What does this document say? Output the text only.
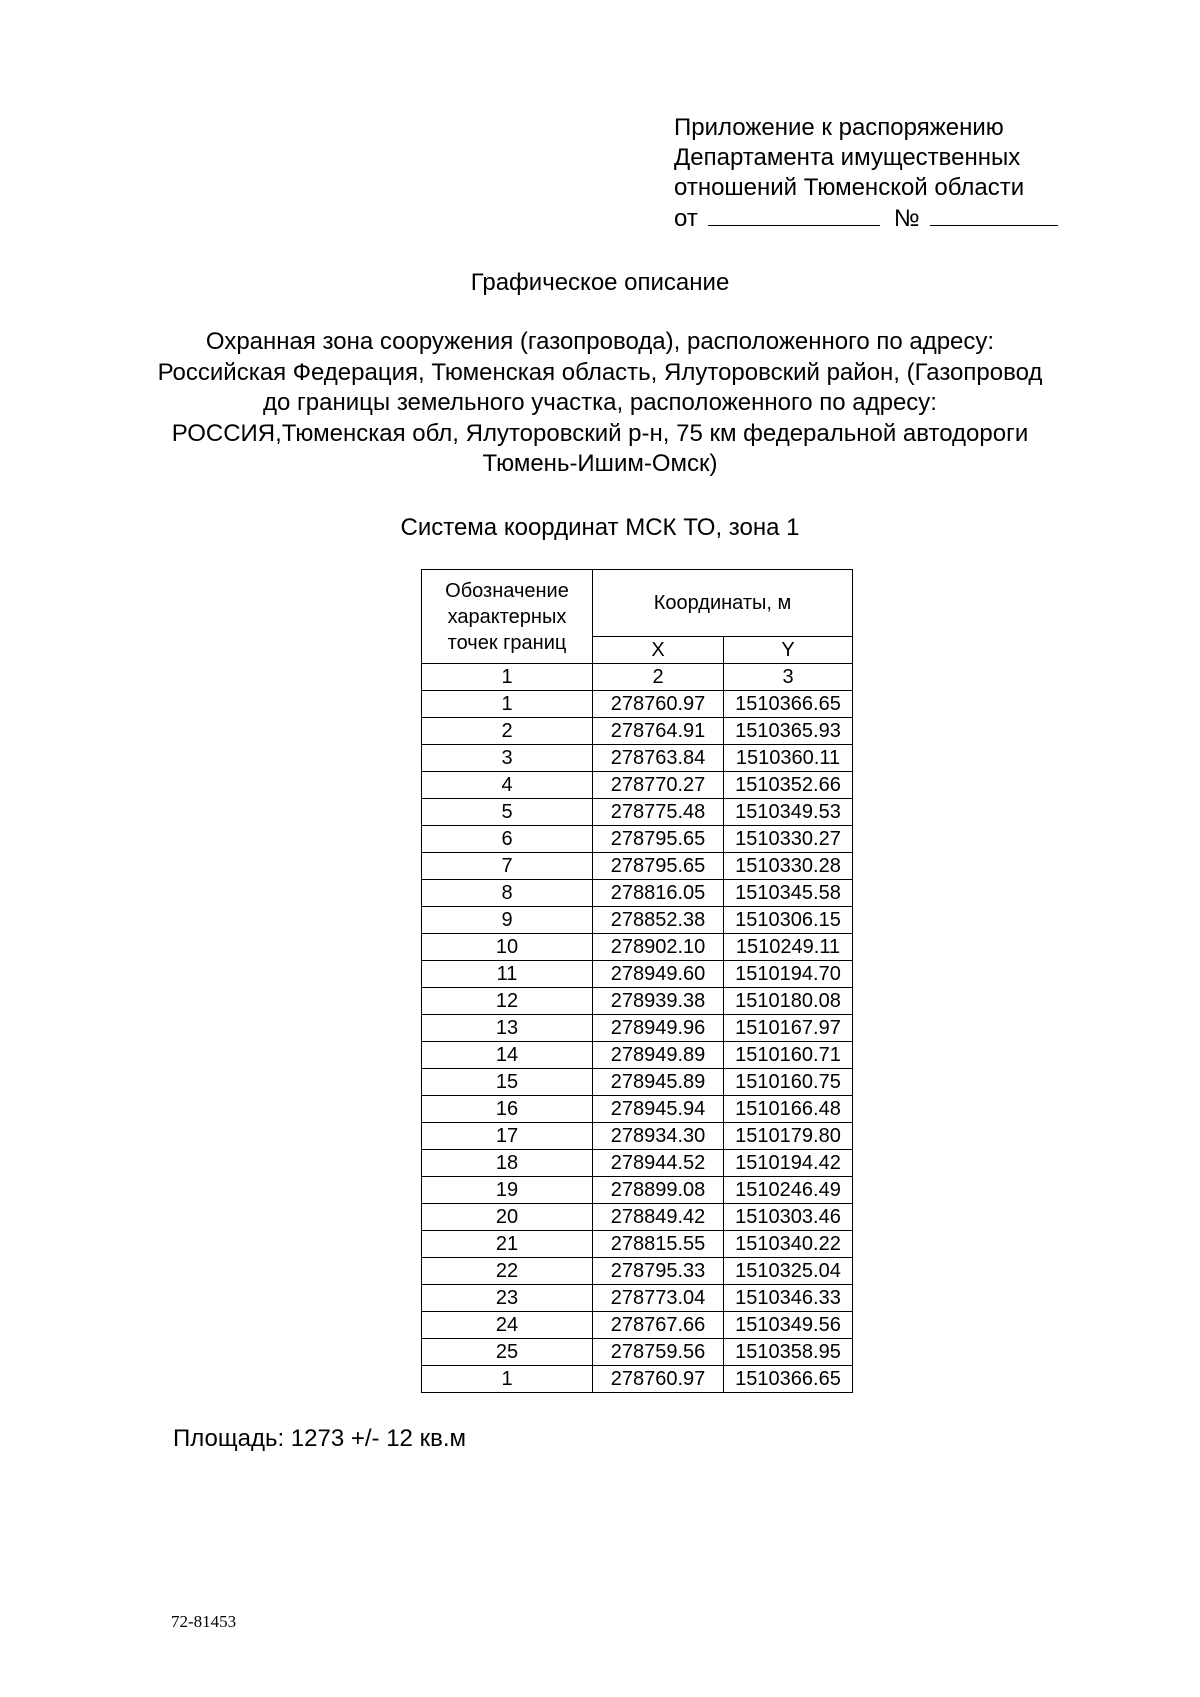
Приложение к распоряжению
Департамента имущественных
отношений Тюменской области
от	№
Графическое описание
Охранная зона сооружения (газопровода), расположенного по адресу:
Российская Федерация, Тюменская область, Ялуторовский район, (Газопровод
до границы земельного участка, расположенного по адресу:
РОССИЯ,Тюменская обл, Ялуторовский р-н, 75 км федеральной автодороги
Тюмень-Ишим-Омск)
Система координат МСК ТО, зона 1
Обозначение
характерных
точек границ	Координаты, м	
	X	Y
1	2	3
1	278760.97	1510366.65
2	278764.91	1510365.93
3	278763.84	1510360.11
4	278770.27	1510352.66
5	278775.48	1510349.53
6	278795.65	1510330.27
7	278795.65	1510330.28
8	278816.05	1510345.58
9	278852.38	1510306.15
10	278902.10	1510249.11
11	278949.60	1510194.70
12	278939.38	1510180.08
13	278949.96	1510167.97
14	278949.89	1510160.71
15	278945.89	1510160.75
16	278945.94	1510166.48
17	278934.30	1510179.80
18	278944.52	1510194.42
19	278899.08	1510246.49
20	278849.42	1510303.46
21	278815.55	1510340.22
22	278795.33	1510325.04
23	278773.04	1510346.33
24	278767.66	1510349.56
25	278759.56	1510358.95
1	278760.97	1510366.65
Площадь: 1273 +/- 12 кв.м
72-81453
